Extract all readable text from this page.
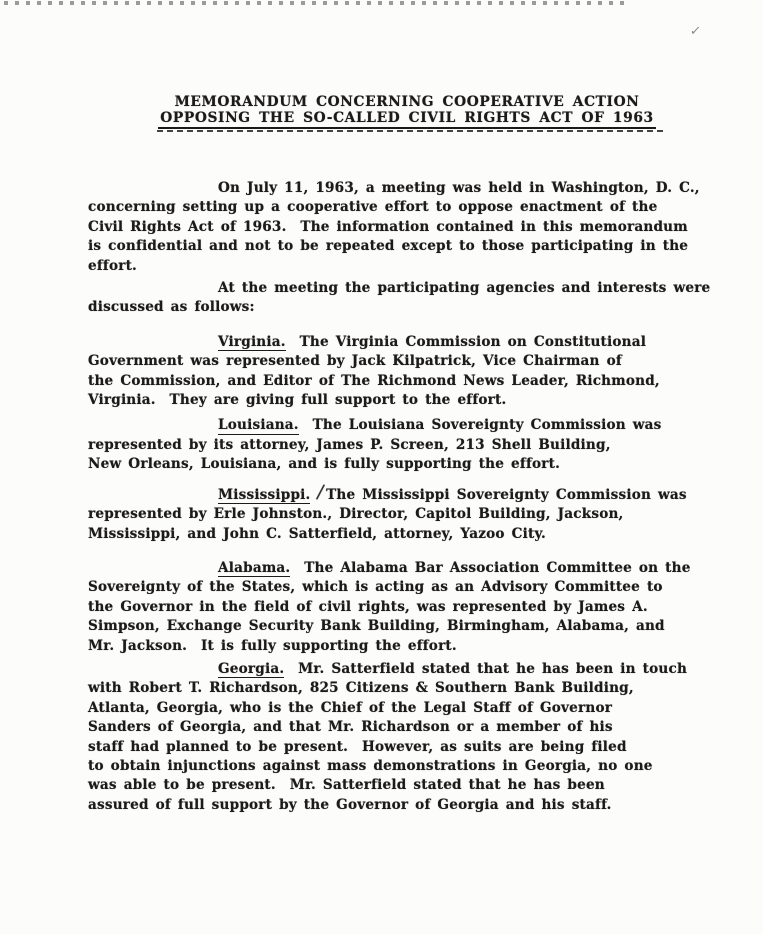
✓
MEMORANDUM CONCERNING COOPERATIVE ACTION
OPPOSING THE SO-CALLED CIVIL RIGHTS ACT OF 1963
On July 11, 1963, a meeting was held in Washington, D. C.,
concerning setting up a cooperative effort to oppose enactment of the
Civil Rights Act of 1963.  The information contained in this memorandum
is confidential and not to be repeated except to those participating in the
effort.
At the meeting the participating agencies and interests were
discussed as follows:
Virginia.  The Virginia Commission on Constitutional
Government was represented by Jack Kilpatrick, Vice Chairman of
the Commission, and Editor of The Richmond News Leader, Richmond,
Virginia.  They are giving full support to the effort.
Louisiana.  The Louisiana Sovereignty Commission was
represented by its attorney, James P. Screen, 213 Shell Building,
New Orleans, Louisiana, and is fully supporting the effort.
Mississippi. /The Mississippi Sovereignty Commission was
represented by Erle Johnston., Director, Capitol Building, Jackson,
Mississippi, and John C. Satterfield, attorney, Yazoo City.
Alabama.  The Alabama Bar Association Committee on the
Sovereignty of the States, which is acting as an Advisory Committee to
the Governor in the field of civil rights, was represented by James A.
Simpson, Exchange Security Bank Building, Birmingham, Alabama, and
Mr. Jackson.  It is fully supporting the effort.
Georgia.  Mr. Satterfield stated that he has been in touch
with Robert T. Richardson, 825 Citizens & Southern Bank Building,
Atlanta, Georgia, who is the Chief of the Legal Staff of Governor
Sanders of Georgia, and that Mr. Richardson or a member of his
staff had planned to be present.  However, as suits are being filed
to obtain injunctions against mass demonstrations in Georgia, no one
was able to be present.  Mr. Satterfield stated that he has been
assured of full support by the Governor of Georgia and his staff.
